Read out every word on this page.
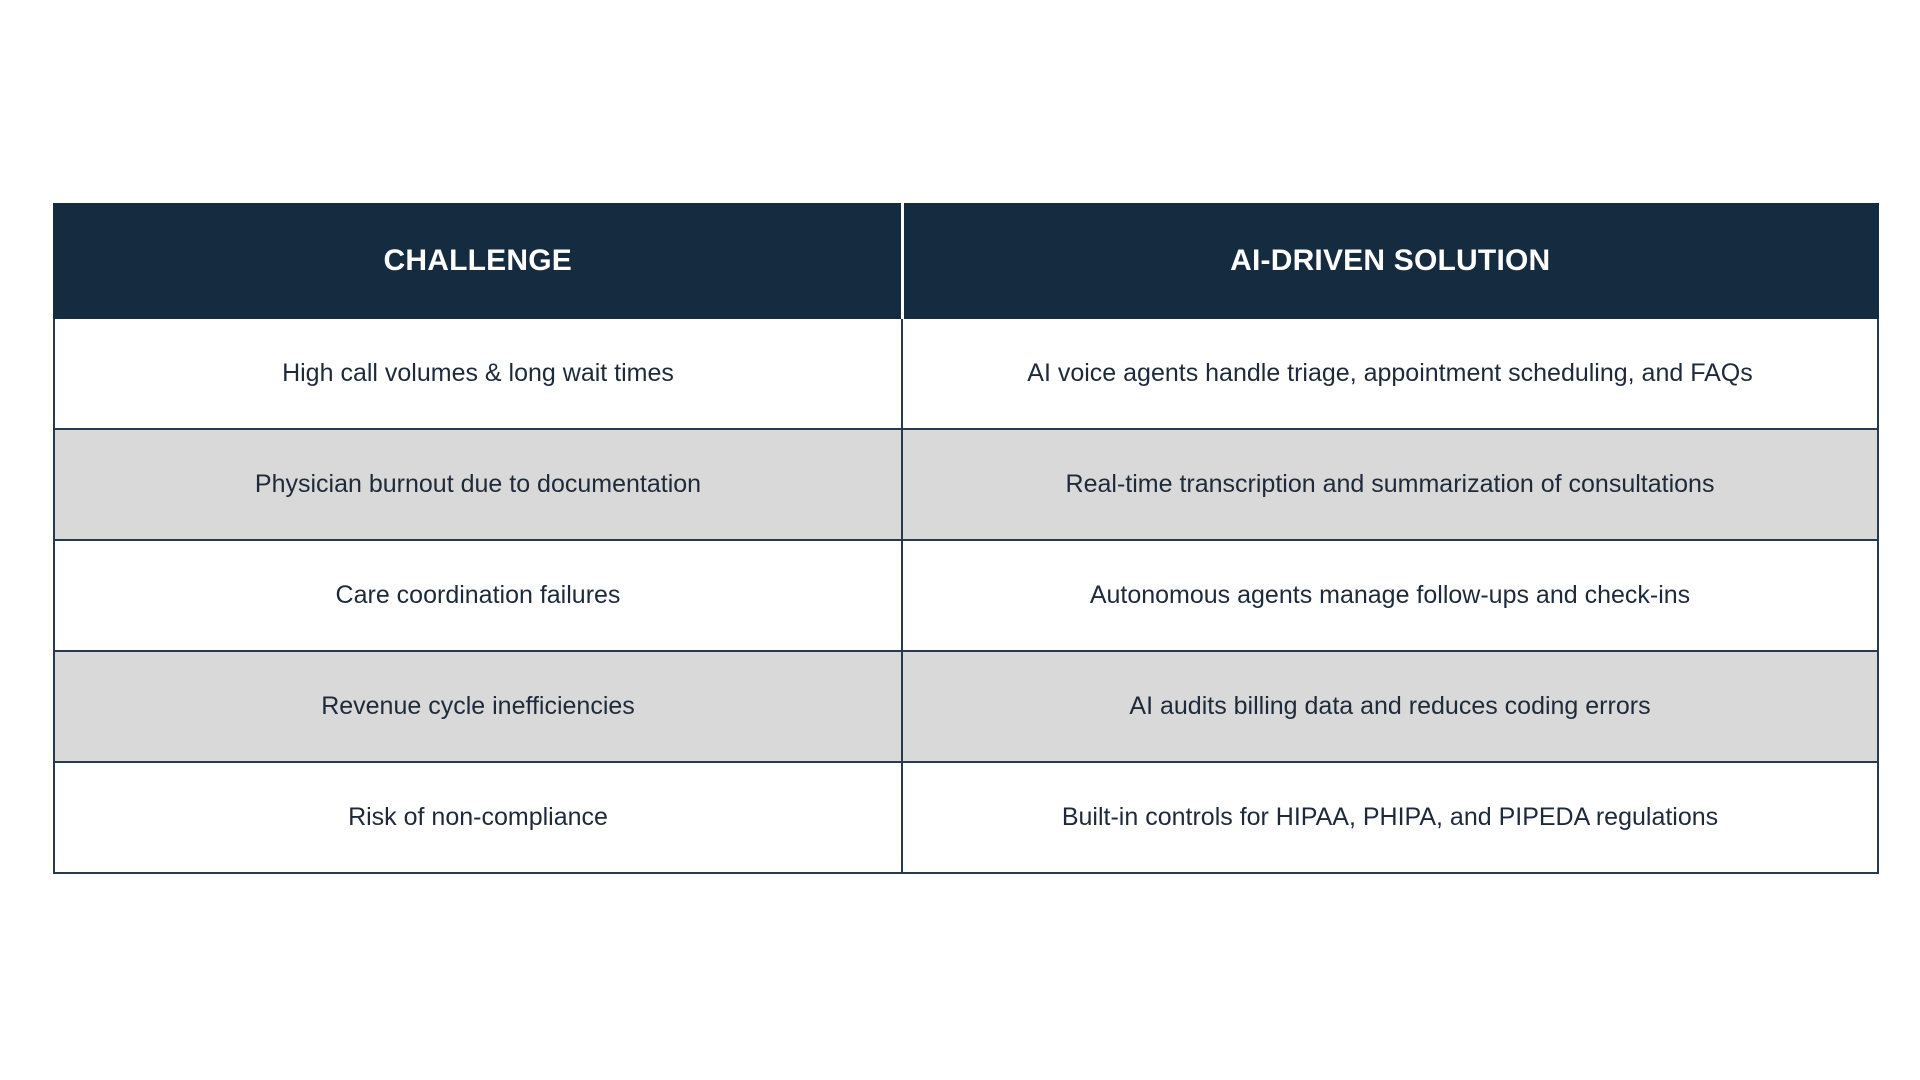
CHALLENGE	AI-DRIVEN SOLUTION
High call volumes & long wait times	AI voice agents handle triage, appointment scheduling, and FAQs
Physician burnout due to documentation	Real-time transcription and summarization of consultations
Care coordination failures	Autonomous agents manage follow-ups and check-ins
Revenue cycle inefficiencies	AI audits billing data and reduces coding errors
Risk of non-compliance	Built-in controls for HIPAA, PHIPA, and PIPEDA regulations
